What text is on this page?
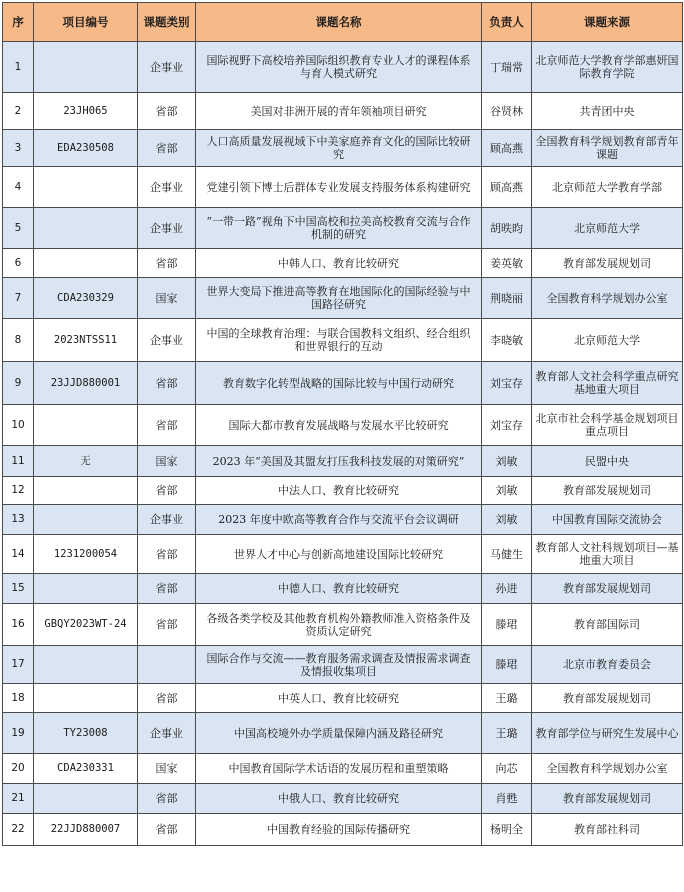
序	项目编号	课题类别	课题名称	负责人	课题来源
1		企事业	国际视野下高校培养国际组织教育专业人才的课程体系与育人模式研究	丁瑞常	北京师范大学教育学部惠妍国际教育学院
2	23JH065	省部	美国对非洲开展的青年领袖项目研究	谷贤林	共青团中央
3	EDA230508	省部	人口高质量发展视域下中美家庭养育文化的国际比较研究	顾高燕	全国教育科学规划教育部青年课题
4		企事业	党建引领下博士后群体专业发展支持服务体系构建研究	顾高燕	北京师范大学教育学部
5		企事业	“一带一路”视角下中国高校和拉美高校教育交流与合作机制的研究	胡昳昀	北京师范大学
6		省部	中韩人口、教育比较研究	姜英敏	教育部发展规划司
7	CDA230329	国家	世界大变局下推进高等教育在地国际化的国际经验与中国路径研究	荆晓丽	全国教育科学规划办公室
8	2023NTSS11	企事业	中国的全球教育治理：与联合国教科文组织、经合组织和世界银行的互动	李晓敏	北京师范大学
9	23JJD880001	省部	教育数字化转型战略的国际比较与中国行动研究	刘宝存	教育部人文社会科学重点研究基地重大项目
10		省部	国际大都市教育发展战略与发展水平比较研究	刘宝存	北京市社会科学基金规划项目重点项目
11	无	国家	2023 年“美国及其盟友打压我科技发展的对策研究”	刘敏	民盟中央
12		省部	中法人口、教育比较研究	刘敏	教育部发展规划司
13		企事业	2023 年度中欧高等教育合作与交流平台会议调研	刘敏	中国教育国际交流协会
14	1231200054	省部	世界人才中心与创新高地建设国际比较研究	马健生	教育部人文社科规划项目—基地重大项目
15		省部	中德人口、教育比较研究	孙进	教育部发展规划司
16	GBQY2023WT-24	省部	各级各类学校及其他教育机构外籍教师准入资格条件及资质认定研究	滕珺	教育部国际司
17			国际合作与交流——教育服务需求调查及情报需求调查及情报收集项目	滕珺	北京市教育委员会
18		省部	中英人口、教育比较研究	王璐	教育部发展规划司
19	TY23008	企事业	中国高校境外办学质量保障内涵及路径研究	王璐	教育部学位与研究生发展中心
20	CDA230331	国家	中国教育国际学术话语的发展历程和重塑策略	向芯	全国教育科学规划办公室
21		省部	中俄人口、教育比较研究	肖甦	教育部发展规划司
22	22JJD880007	省部	中国教育经验的国际传播研究	杨明全	教育部社科司
